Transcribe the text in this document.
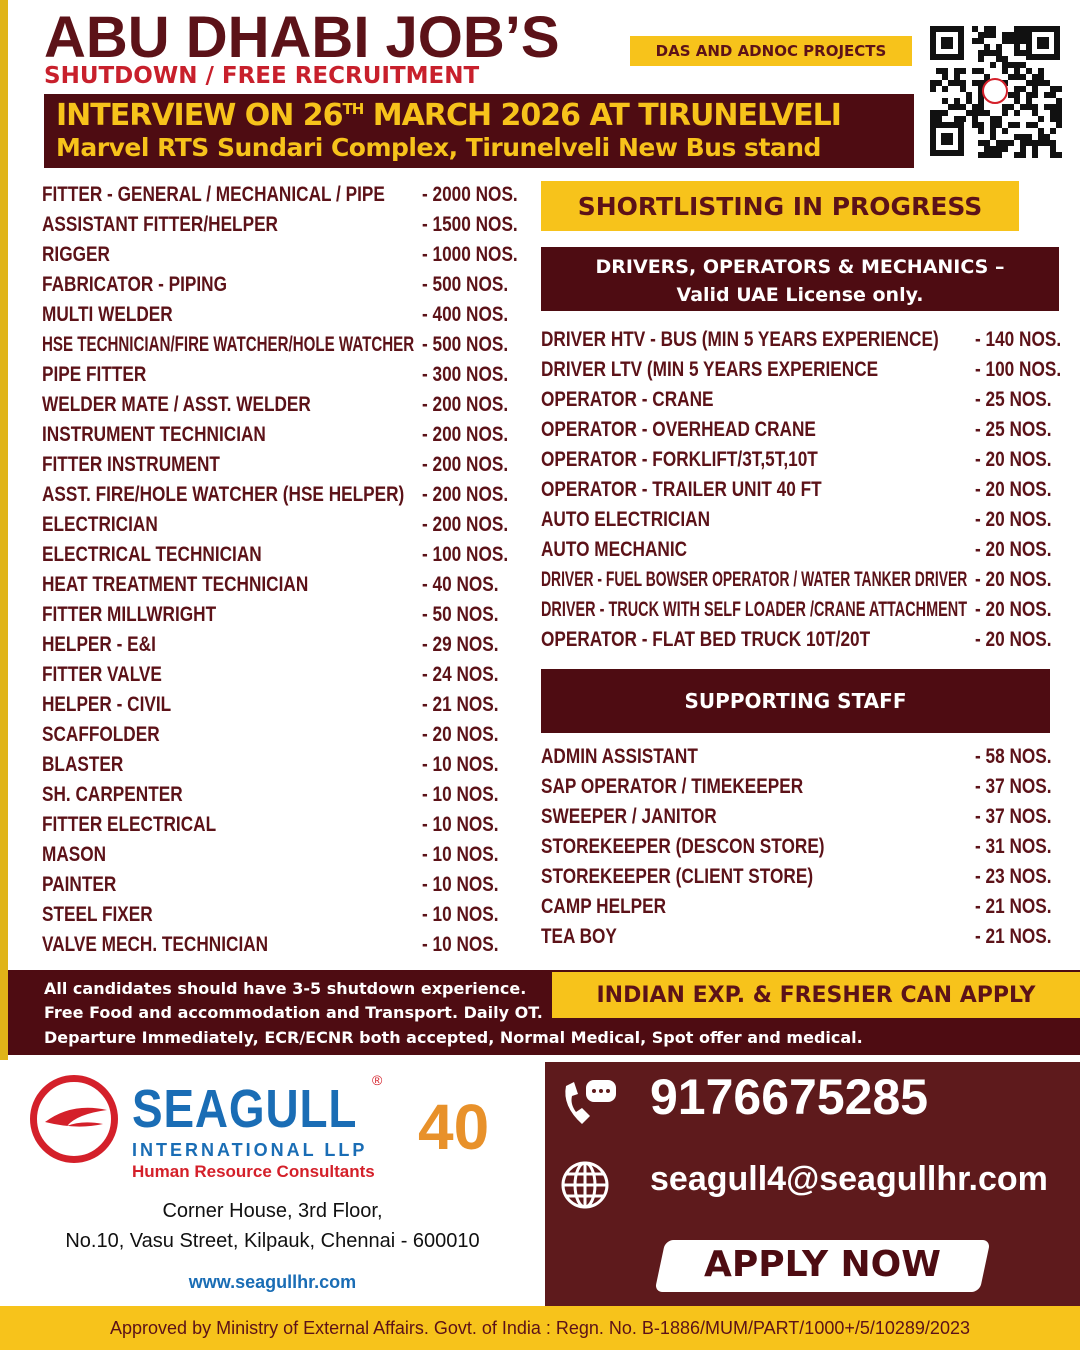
ABU DHABI JOB’S
SHUTDOWN / FREE RECRUITMENT
DAS AND ADNOC PROJECTS
INTERVIEW ON 26TH MARCH 2026 AT TIRUNELVELI
Marvel RTS Sundari Complex, Tirunelveli New Bus stand
FITTER - GENERAL / MECHANICAL / PIPE - 2000 NOS.
ASSISTANT FITTER/HELPER	- 1500 NOS.
RIGGER	- 1000 NOS.
FABRICATOR - PIPING	- 500 NOS.
MULTI WELDER	- 400 NOS.
HSE TECHNICIAN/FIRE WATCHER/HOLE WATCHER - 500 NOS.
PIPE FITTER	- 300 NOS.
WELDER MATE / ASST. WELDER	- 200 NOS.
INSTRUMENT TECHNICIAN	- 200 NOS.
FITTER INSTRUMENT	- 200 NOS.
ASST. FIRE/HOLE WATCHER (HSE HELPER) - 200 NOS.
ELECTRICIAN	- 200 NOS.
ELECTRICAL TECHNICIAN	- 100 NOS.
HEAT TREATMENT TECHNICIAN	- 40 NOS.
FITTER MILLWRIGHT	- 50 NOS.
HELPER - E&I	- 29 NOS.
FITTER VALVE	- 24 NOS.
HELPER - CIVIL	- 21 NOS.
SCAFFOLDER	- 20 NOS.
BLASTER	- 10 NOS.
SH. CARPENTER	- 10 NOS.
FITTER ELECTRICAL	- 10 NOS.
MASON	- 10 NOS.
PAINTER	- 10 NOS.
STEEL FIXER	- 10 NOS.
VALVE MECH. TECHNICIAN	- 10 NOS.
SHORTLISTING IN PROGRESS
DRIVERS, OPERATORS & MECHANICS –
Valid UAE License only.
DRIVER HTV - BUS (MIN 5 YEARS EXPERIENCE) - 140 NOS.
DRIVER LTV (MIN 5 YEARS EXPERIENCE	- 100 NOS.
OPERATOR - CRANE	- 25 NOS.
OPERATOR - OVERHEAD CRANE	- 25 NOS.
OPERATOR - FORKLIFT/3T,5T,10T	- 20 NOS.
OPERATOR - TRAILER UNIT 40 FT	- 20 NOS.
AUTO ELECTRICIAN	- 20 NOS.
AUTO MECHANIC	- 20 NOS.
DRIVER - FUEL BOWSER OPERATOR / WATER TANKER DRIVER - 20 NOS.
DRIVER - TRUCK WITH SELF LOADER /CRANE ATTACHMENT - 20 NOS.
OPERATOR - FLAT BED TRUCK 10T/20T	- 20 NOS.
SUPPORTING STAFF
ADMIN ASSISTANT	- 58 NOS.
SAP OPERATOR / TIMEKEEPER	- 37 NOS.
SWEEPER / JANITOR	- 37 NOS.
STOREKEEPER (DESCON STORE)	- 31 NOS.
STOREKEEPER (CLIENT STORE)	- 23 NOS.
CAMP HELPER	- 21 NOS.
TEA BOY	- 21 NOS.
All candidates should have 3-5 shutdown experience.
Free Food and accommodation and Transport. Daily OT.
Departure Immediately, ECR/ECNR both accepted, Normal Medical, Spot offer and medical.
INDIAN EXP. & FRESHER CAN APPLY
SEAGULL ®
INTERNATIONAL LLP
Human Resource Consultants
40
Corner House, 3rd Floor,
No.10, Vasu Street, Kilpauk, Chennai - 600010
www.seagullhr.com
9176675285
seagull4@seagullhr.com
APPLY NOW
Approved by Ministry of External Affairs. Govt. of India : Regn. No. B-1886/MUM/PART/1000+/5/10289/2023
